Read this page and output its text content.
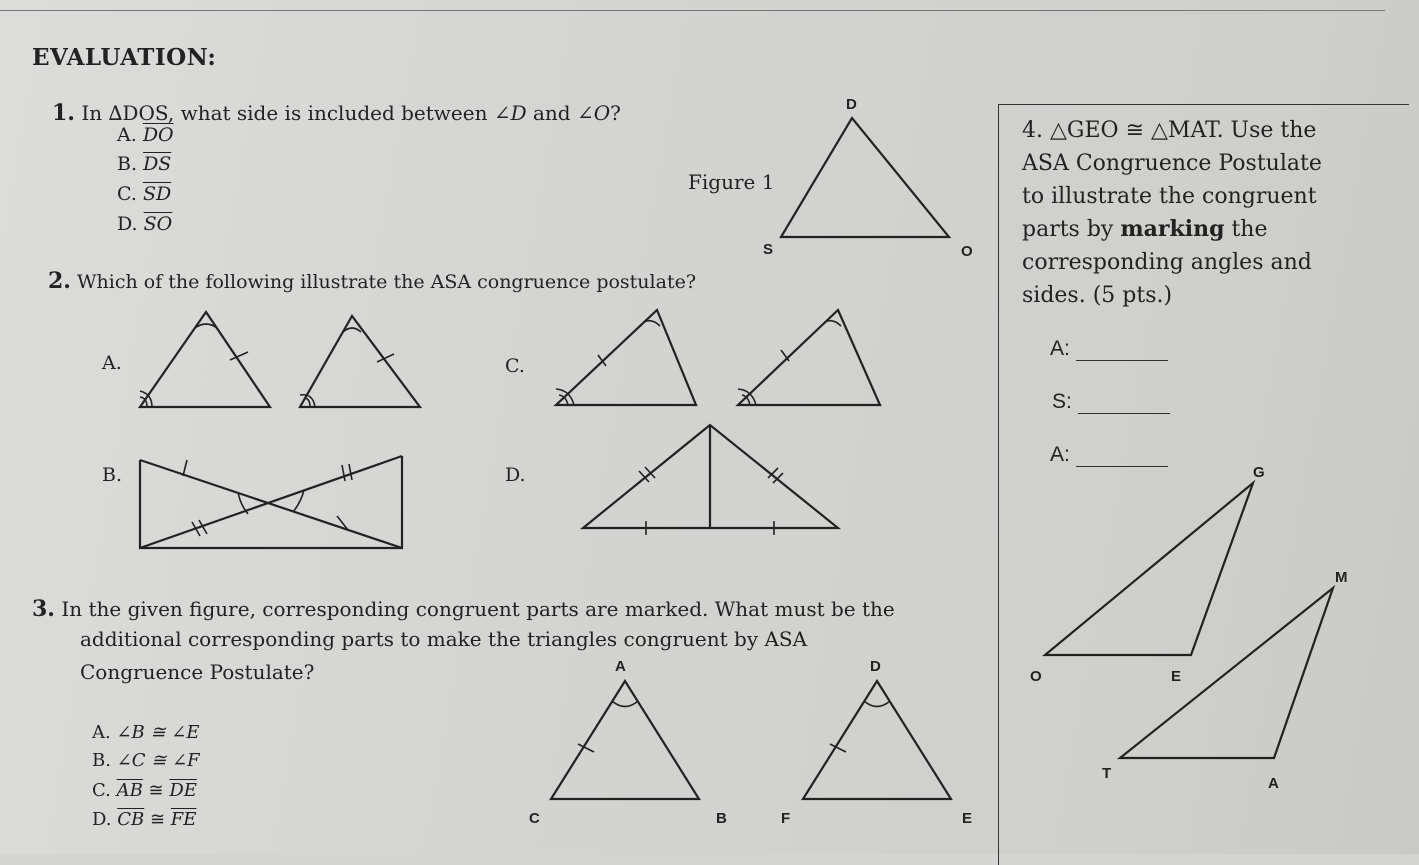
EVALUATION:
1. In ∆DOS, what side is included between ∠D and ∠O?
A. $\overline{DO}$
B. $\overline{DS}$
C. $\overline{SD}$
D. $\overline{SO}$
Figure 1
2. Which of the following illustrate the ASA congruence postulate?
A.
B.
C.
D.
3. In the given figure, corresponding congruent parts are marked. What must be the
additional corresponding parts to make the triangles congruent by ASA
Congruence Postulate?
A. ∠B ≅ ∠E
B. ∠C ≅ ∠F
C. $\overline{AB}$ ≅ $\overline{DE}$
D. $\overline{CB}$ ≅ $\overline{FE}$
4. △GEO ≅ △MAT. Use the
ASA Congruence Postulate
to illustrate the congruent
parts by marking the
corresponding angles and
sides. (5 pts.)
A:
S:
A:
D
S	O
A
C	B
D
F	E
G
O	E
M
T
A
